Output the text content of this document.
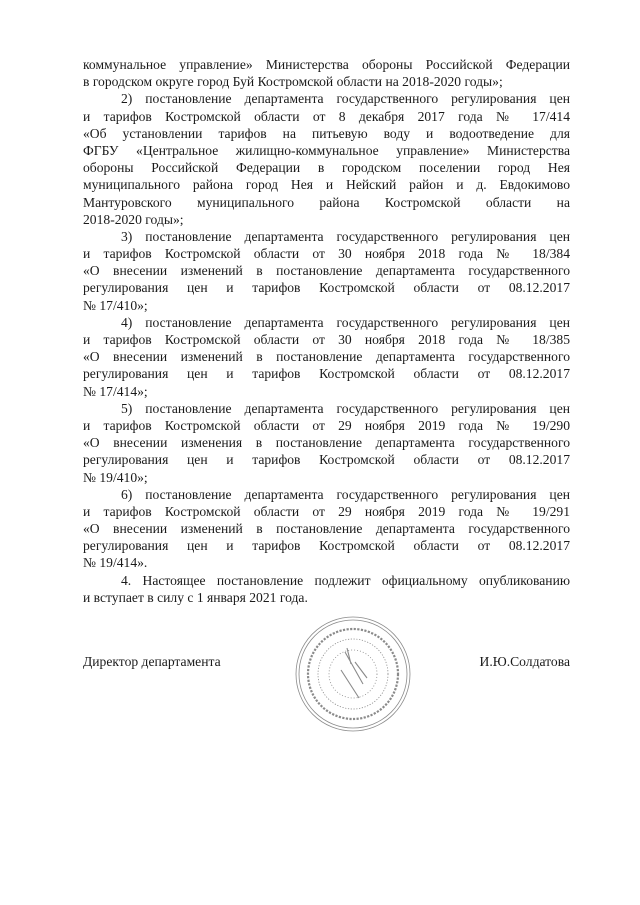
коммунальное управление» Министерства обороны Российской Федерации
в городском округе город Буй Костромской области на 2018-2020 годы»;
2) постановление департамента государственного регулирования цен
и тарифов Костромской области от 8 декабря 2017 года № 17/414
«Об установлении тарифов на питьевую воду и водоотведение для
ФГБУ «Центральное жилищно-коммунальное управление» Министерства
обороны Российской Федерации в городском поселении город Нея
муниципального района город Нея и Нейский район и д. Евдокимово
Мантуровского муниципального района Костромской области на
2018-2020 годы»;
3) постановление департамента государственного регулирования цен
и тарифов Костромской области от 30 ноября 2018 года № 18/384
«О внесении изменений в постановление департамента государственного
регулирования цен и тарифов Костромской области от 08.12.2017
№ 17/410»;
4) постановление департамента государственного регулирования цен
и тарифов Костромской области от 30 ноября 2018 года № 18/385
«О внесении изменений в постановление департамента государственного
регулирования цен и тарифов Костромской области от 08.12.2017
№ 17/414»;
5) постановление департамента государственного регулирования цен
и тарифов Костромской области от 29 ноября 2019 года № 19/290
«О внесении изменения в постановление департамента государственного
регулирования цен и тарифов Костромской области от 08.12.2017
№ 19/410»;
6) постановление департамента государственного регулирования цен
и тарифов Костромской области от 29 ноября 2019 года № 19/291
«О внесении изменений в постановление департамента государственного
регулирования цен и тарифов Костромской области от 08.12.2017
№ 19/414».
4. Настоящее постановление подлежит официальному опубликованию
и вступает в силу с 1 января 2021 года.
Директор департамента	И.Ю.Солдатова
